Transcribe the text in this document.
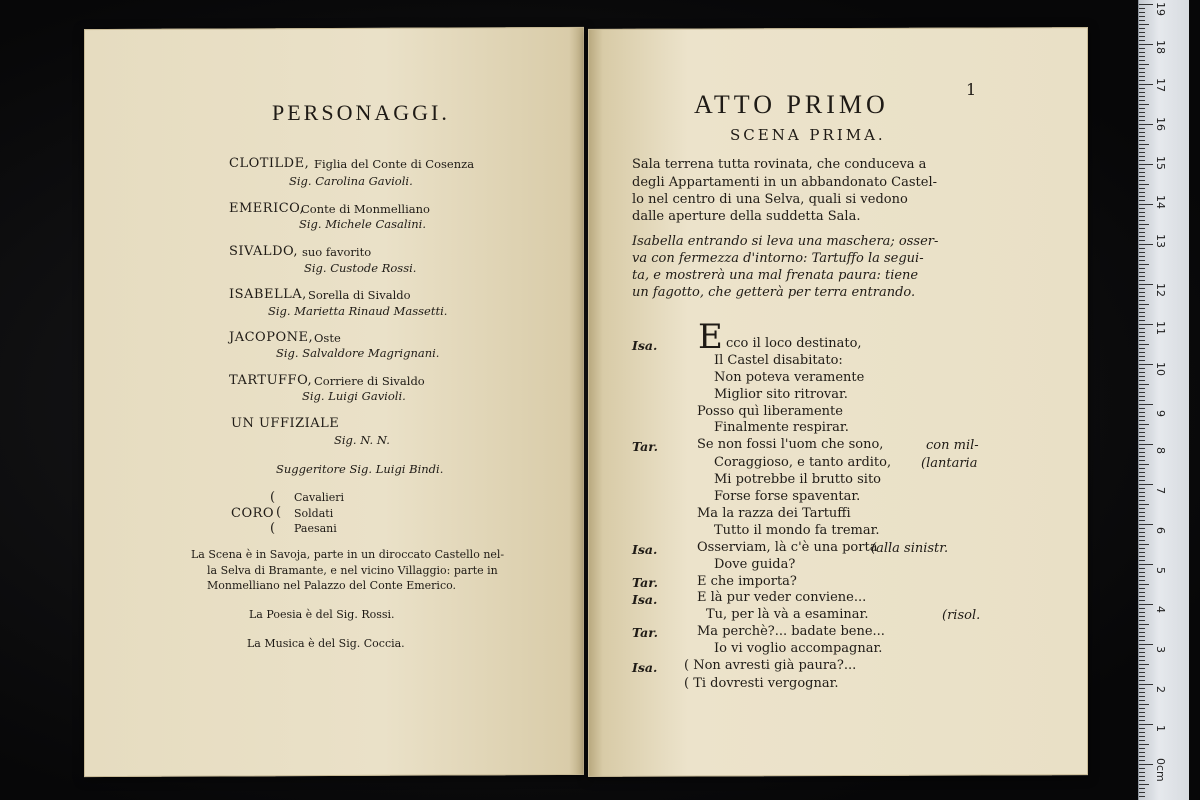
PERSONAGGI.
CLOTILDE, Figlia del Conte di Cosenza
Sig. Carolina Gavioli.
EMERICO,
Conte di Monmelliano
Sig. Michele Casalini.
SIVALDO, suo favorito
Sig. Custode Rossi.
ISABELLA, Sorella di Sivaldo
Sig. Marietta Rinaud Massetti.
JACOPONE, Oste
Sig. Salvaldore Magrignani.
TARTUFFO, Corriere di Sivaldo
Sig. Luigi Gavioli.
UN UFFIZIALE
Sig. N. N.
Suggeritore Sig. Luigi Bindi.
( Cavalieri
CORO ( Soldati
( Paesani
La Scena è in Savoja, parte in un diroccato Castello nel-
la Selva di Bramante, e nel vicino Villaggio: parte in
Monmelliano nel Palazzo del Conte Emerico.
La Poesia è del Sig. Rossi.
La Musica è del Sig. Coccia.
1
ATTO PRIMO
SCENA PRIMA.
Sala terrena tutta rovinata, che conduceva a
degli Appartamenti in un abbandonato Castel-
lo nel centro di una Selva, quali si vedono
dalle aperture della suddetta Sala.
Isabella entrando si leva una maschera; osser-
va con fermezza d'intorno: Tartuffo la segui-
ta, e mostrerà una mal frenata paura: tiene
un fagotto, che getterà per terra entrando.
E
Isa.	cco il loco destinato,
Il Castel disabitato:
Non poteva veramente
Miglior sito ritrovar.
Posso quì liberamente
Finalmente respirar.
Tar.	Se non fossi l'uom che sono,	con mil-
Coraggioso, e tanto ardito, (lantaria
Mi potrebbe il brutto sito
Forse forse spaventar.
Ma la razza dei Tartuffi
Tutto il mondo fa tremar.
Isa.	Osserviam, là c'è una porta
(alla sinistr.
Dove guida?
Tar.	E che importa?
Isa.	E là pur veder conviene...
Tu, per là và a esaminar.	(risol.
Tar.	Ma perchè?... badate bene...
Io vi voglio accompagnar.
Isa. ( Non avresti già paura?...
( Ti dovresti vergognar.
19
18
17
16
15
14
13
12
11
10
9
8
7
6
5
4
3
2
1
0cm
